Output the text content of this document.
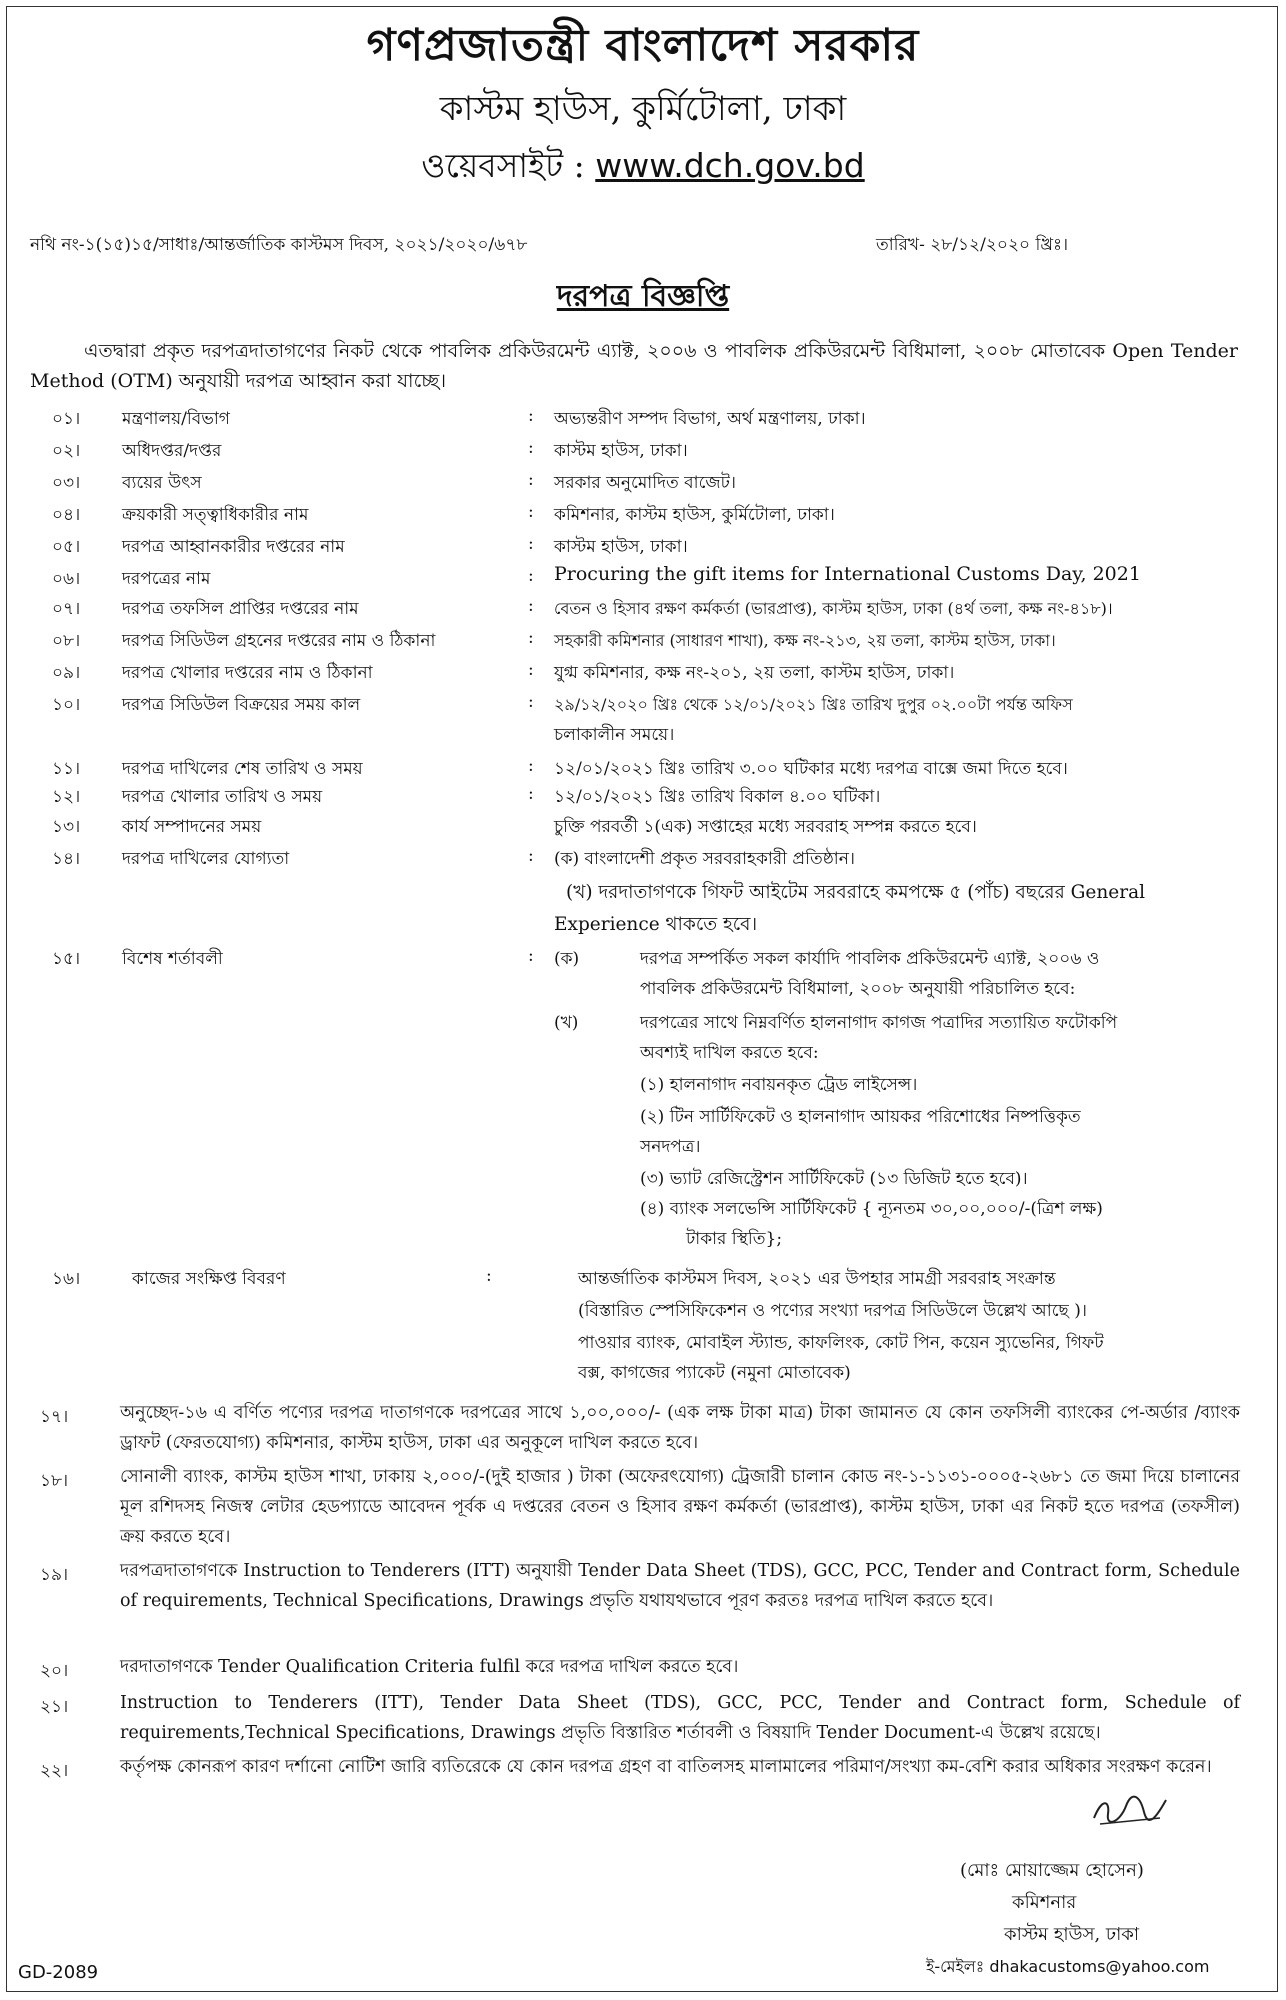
গণপ্রজাতন্ত্রী বাংলাদেশ সরকার
কাস্টম হাউস, কুর্মিটোলা, ঢাকা
ওয়েবসাইট : www.dch.gov.bd
নথি নং-১(১৫)১৫/সাধাঃ/আন্তর্জাতিক কাস্টমস দিবস, ২০২১/২০২০/৬৭৮	তারিখ- ২৮/১২/২০২০ খ্রিঃ।
দরপত্র বিজ্ঞপ্তি
এতদ্বারা প্রকৃত দরপত্রদাতাগণের নিকট থেকে পাবলিক প্রকিউরমেন্ট এ্যাক্ট, ২০০৬ ও পাবলিক প্রকিউরমেন্ট বিধিমালা, ২০০৮ মোতাবেক Open Tender Method (OTM) অনুযায়ী দরপত্র আহ্বান করা যাচ্ছে।
০১। মন্ত্রণালয়/বিভাগ	: অভ্যন্তরীণ সম্পদ বিভাগ, অর্থ মন্ত্রণালয়, ঢাকা।
০২। অধিদপ্তর/দপ্তর	: কাস্টম হাউস, ঢাকা।
০৩। ব্যয়ের উৎস	: সরকার অনুমোদিত বাজেট।
০৪। ক্রয়কারী সত্ত্বাধিকারীর নাম	: কমিশনার, কাস্টম হাউস, কুর্মিটোলা, ঢাকা।
০৫। দরপত্র আহ্বানকারীর দপ্তরের নাম	: কাস্টম হাউস, ঢাকা।
০৬। দরপত্রের নাম	: Procuring the gift items for International Customs Day, 2021
০৭। দরপত্র তফসিল প্রাপ্তির দপ্তরের নাম	: বেতন ও হিসাব রক্ষণ কর্মকর্তা (ভারপ্রাপ্ত), কাস্টম হাউস, ঢাকা (৪র্থ তলা, কক্ষ নং-৪১৮)।
০৮। দরপত্র সিডিউল গ্রহনের দপ্তরের নাম ও ঠিকানা	: সহকারী কমিশনার (সাধারণ শাখা), কক্ষ নং-২১৩, ২য় তলা, কাস্টম হাউস, ঢাকা।
০৯। দরপত্র খোলার দপ্তরের নাম ও ঠিকানা	: যুগ্ম কমিশনার, কক্ষ নং-২০১, ২য় তলা, কাস্টম হাউস, ঢাকা।
১০। দরপত্র সিডিউল বিক্রয়ের সময় কাল	: ২৯/১২/২০২০ খ্রিঃ থেকে ১২/০১/২০২১ খ্রিঃ তারিখ দুপুর ০২.০০টা পর্যন্ত অফিস
চলাকালীন সময়ে।
১১। দরপত্র দাখিলের শেষ তারিখ ও সময়	: ১২/০১/২০২১ খ্রিঃ তারিখ ৩.০০ ঘটিকার মধ্যে দরপত্র বাক্সে জমা দিতে হবে।
১২। দরপত্র খোলার তারিখ ও সময়	: ১২/০১/২০২১ খ্রিঃ তারিখ বিকাল ৪.০০ ঘটিকা।
১৩। কার্য সম্পাদনের সময়	চুক্তি পরবর্তী ১(এক) সপ্তাহের মধ্যে সরবরাহ সম্পন্ন করতে হবে।
১৪। দরপত্র দাখিলের যোগ্যতা	: (ক) বাংলাদেশী প্রকৃত সরবরাহকারী প্রতিষ্ঠান।
(খ) দরদাতাগণকে গিফট আইটেম সরবরাহে কমপক্ষে ৫ (পাঁচ) বছরের General
Experience থাকতে হবে।
১৫। বিশেষ শর্তাবলী	: (ক)	দরপত্র সম্পর্কিত সকল কার্যাদি পাবলিক প্রকিউরমেন্ট এ্যাক্ট, ২০০৬ ও
পাবলিক প্রকিউরমেন্ট বিধিমালা, ২০০৮ অনুযায়ী পরিচালিত হবে:
(খ)	দরপত্রের সাথে নিম্নবর্ণিত হালনাগাদ কাগজ পত্রাদির সত্যায়িত ফটোকপি
অবশ্যই দাখিল করতে হবে:
(১) হালনাগাদ নবায়নকৃত ট্রেড লাইসেন্স।
(২) টিন সার্টিফিকেট ও হালনাগাদ আয়কর পরিশোধের নিষ্পত্তিকৃত
সনদপত্র।
(৩) ভ্যাট রেজিস্ট্রেশন সার্টিফিকেট (১৩ ডিজিট হতে হবে)।
(৪) ব্যাংক সলভেন্সি সার্টিফিকেট { ন্যূনতম ৩০,০০,০০০/-(ত্রিশ লক্ষ)
টাকার স্থিতি};
১৬।	কাজের সংক্ষিপ্ত বিবরণ	:	আন্তর্জাতিক কাস্টমস দিবস, ২০২১ এর উপহার সামগ্রী সরবরাহ সংক্রান্ত
(বিস্তারিত স্পেসিফিকেশন ও পণ্যের সংখ্যা দরপত্র সিডিউলে উল্লেখ আছে )।
পাওয়ার ব্যাংক, মোবাইল স্ট্যান্ড, কাফলিংক, কোট পিন, কয়েন স্যুভেনির, গিফট
বক্স, কাগজের প্যাকেট (নমুনা মোতাবেক)
১৭।	অনুচ্ছেদ-১৬ এ বর্ণিত পণ্যের দরপত্র দাতাগণকে দরপত্রের সাথে ১,০০,০০০/- (এক লক্ষ টাকা মাত্র) টাকা জামানত যে কোন তফসিলী ব্যাংকের পে-অর্ডার /ব্যাংক ড্রাফট (ফেরতযোগ্য) কমিশনার, কাস্টম হাউস, ঢাকা এর অনুকূলে দাখিল করতে হবে।
১৮।	সোনালী ব্যাংক, কাস্টম হাউস শাখা, ঢাকায় ২,০০০/-(দুই হাজার ) টাকা (অফেরৎযোগ্য) ট্রেজারী চালান কোড নং-১-১১৩১-০০০৫-২৬৮১ তে জমা দিয়ে চালানের মূল রশিদসহ নিজস্ব লেটার হেডপ্যাডে আবেদন পূর্বক এ দপ্তরের বেতন ও হিসাব রক্ষণ কর্মকর্তা (ভারপ্রাপ্ত), কাস্টম হাউস, ঢাকা এর নিকট হতে দরপত্র (তফসীল) ক্রয় করতে হবে।
১৯।	দরপত্রদাতাগণকে Instruction to Tenderers (ITT) অনুযায়ী Tender Data Sheet (TDS), GCC, PCC, Tender and Contract form, Schedule of requirements, Technical Specifications, Drawings প্রভৃতি যথাযথভাবে পূরণ করতঃ দরপত্র দাখিল করতে হবে।
২০।	দরদাতাগণকে Tender Qualification Criteria fulfil করে দরপত্র দাখিল করতে হবে।
২১।	Instruction to Tenderers (ITT), Tender Data Sheet (TDS), GCC, PCC, Tender and Contract form, Schedule of requirements,Technical Specifications, Drawings প্রভৃতি বিস্তারিত শর্তাবলী ও বিষয়াদি Tender Document-এ উল্লেখ রয়েছে।
২২।	কর্তৃপক্ষ কোনরূপ কারণ দর্শানো নোটিশ জারি ব্যতিরেকে যে কোন দরপত্র গ্রহণ বা বাতিলসহ মালামালের পরিমাণ/সংখ্যা কম-বেশি করার অধিকার সংরক্ষণ করেন।
(মোঃ মোয়াজ্জেম হোসেন)
কমিশনার
কাস্টম হাউস, ঢাকা
ই-মেইলঃ dhakacustoms@yahoo.com
GD-2089
